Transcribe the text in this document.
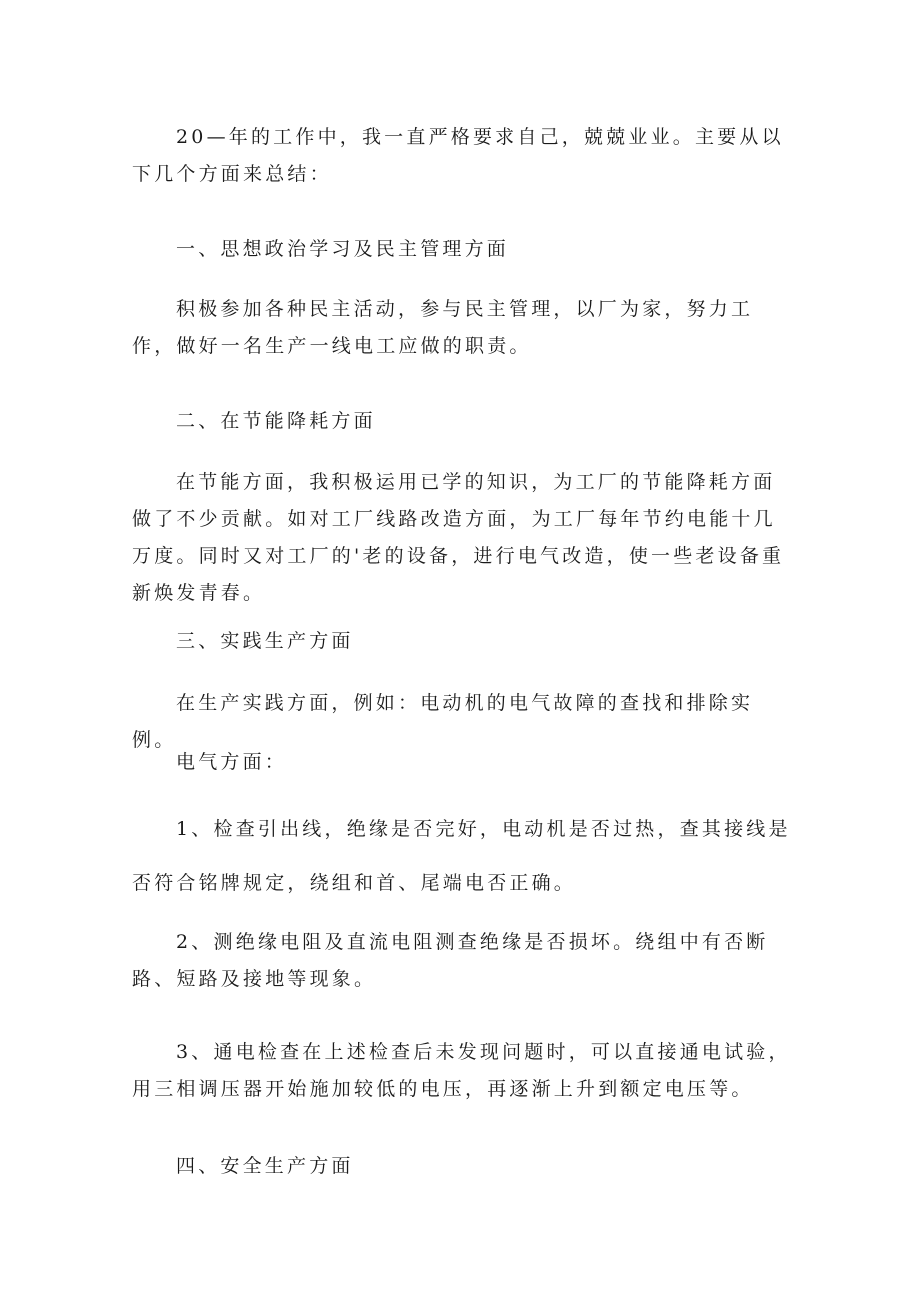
20—年的工作中，我一直严格要求自己，兢兢业业。主要从以下几个方面来总结：

一、思想政治学习及民主管理方面

积极参加各种民主活动，参与民主管理，以厂为家，努力工作，做好一名生产一线电工应做的职责。

二、在节能降耗方面

在节能方面，我积极运用已学的知识，为工厂的节能降耗方面做了不少贡献。如对工厂线路改造方面，为工厂每年节约电能十几万度。同时又对工厂的'老的设备，进行电气改造，使一些老设备重新焕发青春。

三、实践生产方面

在生产实践方面，例如：电动机的电气故障的查找和排除实例。

电气方面：

1、检查引出线，绝缘是否完好，电动机是否过热，查其接线是

否符合铭牌规定，绕组和首、尾端电否正确。

2、测绝缘电阻及直流电阻测查绝缘是否损坏。绕组中有否断路、短路及接地等现象。

3、通电检查在上述检查后未发现问题时，可以直接通电试验，用三相调压器开始施加较低的电压，再逐渐上升到额定电压等。

四、安全生产方面
